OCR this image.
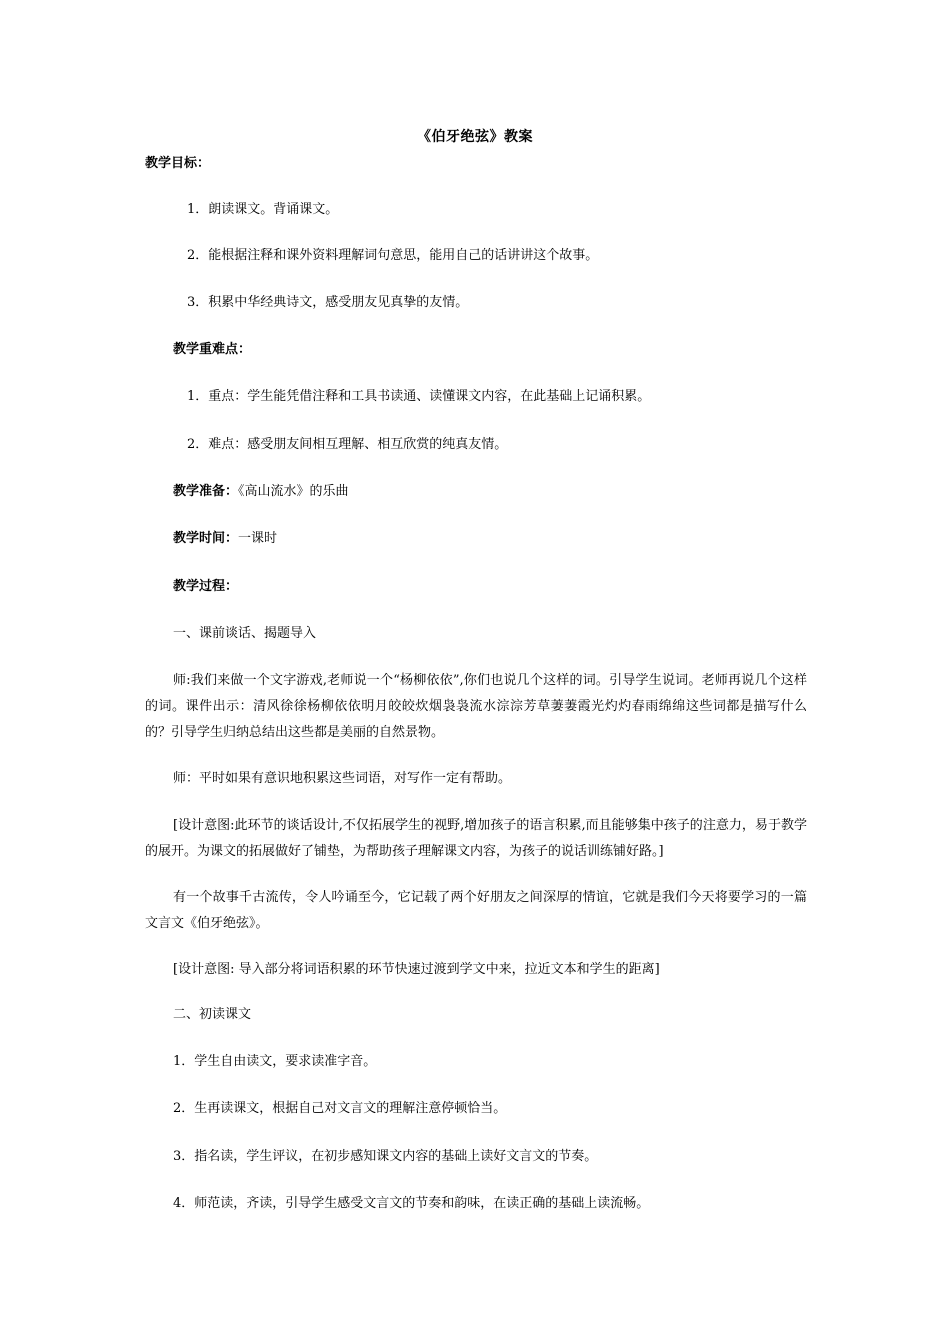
《伯牙绝弦》教案
教学目标：
1．朗读课文。背诵课文。
2．能根据注释和课外资料理解词句意思，能用自己的话讲讲这个故事。
3．积累中华经典诗文，感受朋友见真挚的友情。
教学重难点：
1．重点：学生能凭借注释和工具书读通、读懂课文内容，在此基础上记诵积累。
2．难点：感受朋友间相互理解、相互欣赏的纯真友情。
教学准备：《高山流水》的乐曲
教学时间：一课时
教学过程：
一、课前谈话、揭题导入
师:我们来做一个文字游戏,老师说一个“杨柳依依”,你们也说几个这样的词。引导学生说词。老师再说几个这样的词。课件出示：清风徐徐杨柳依依明月皎皎炊烟袅袅流水淙淙芳草萋萋霞光灼灼春雨绵绵这些词都是描写什么的？引导学生归纳总结出这些都是美丽的自然景物。
师：平时如果有意识地积累这些词语，对写作一定有帮助。
[设计意图:此环节的谈话设计,不仅拓展学生的视野,增加孩子的语言积累,而且能够集中孩子的注意力，易于教学的展开。为课文的拓展做好了铺垫，为帮助孩子理解课文内容，为孩子的说话训练铺好路。]
有一个故事千古流传，令人吟诵至今，它记载了两个好朋友之间深厚的情谊，它就是我们今天将要学习的一篇文言文《伯牙绝弦》。
[设计意图: 导入部分将词语积累的环节快速过渡到学文中来，拉近文本和学生的距离]
二、初读课文
1．学生自由读文，要求读准字音。
2．生再读课文，根据自己对文言文的理解注意停顿恰当。
3．指名读，学生评议，在初步感知课文内容的基础上读好文言文的节奏。
4．师范读，齐读，引导学生感受文言文的节奏和韵味，在读正确的基础上读流畅。
